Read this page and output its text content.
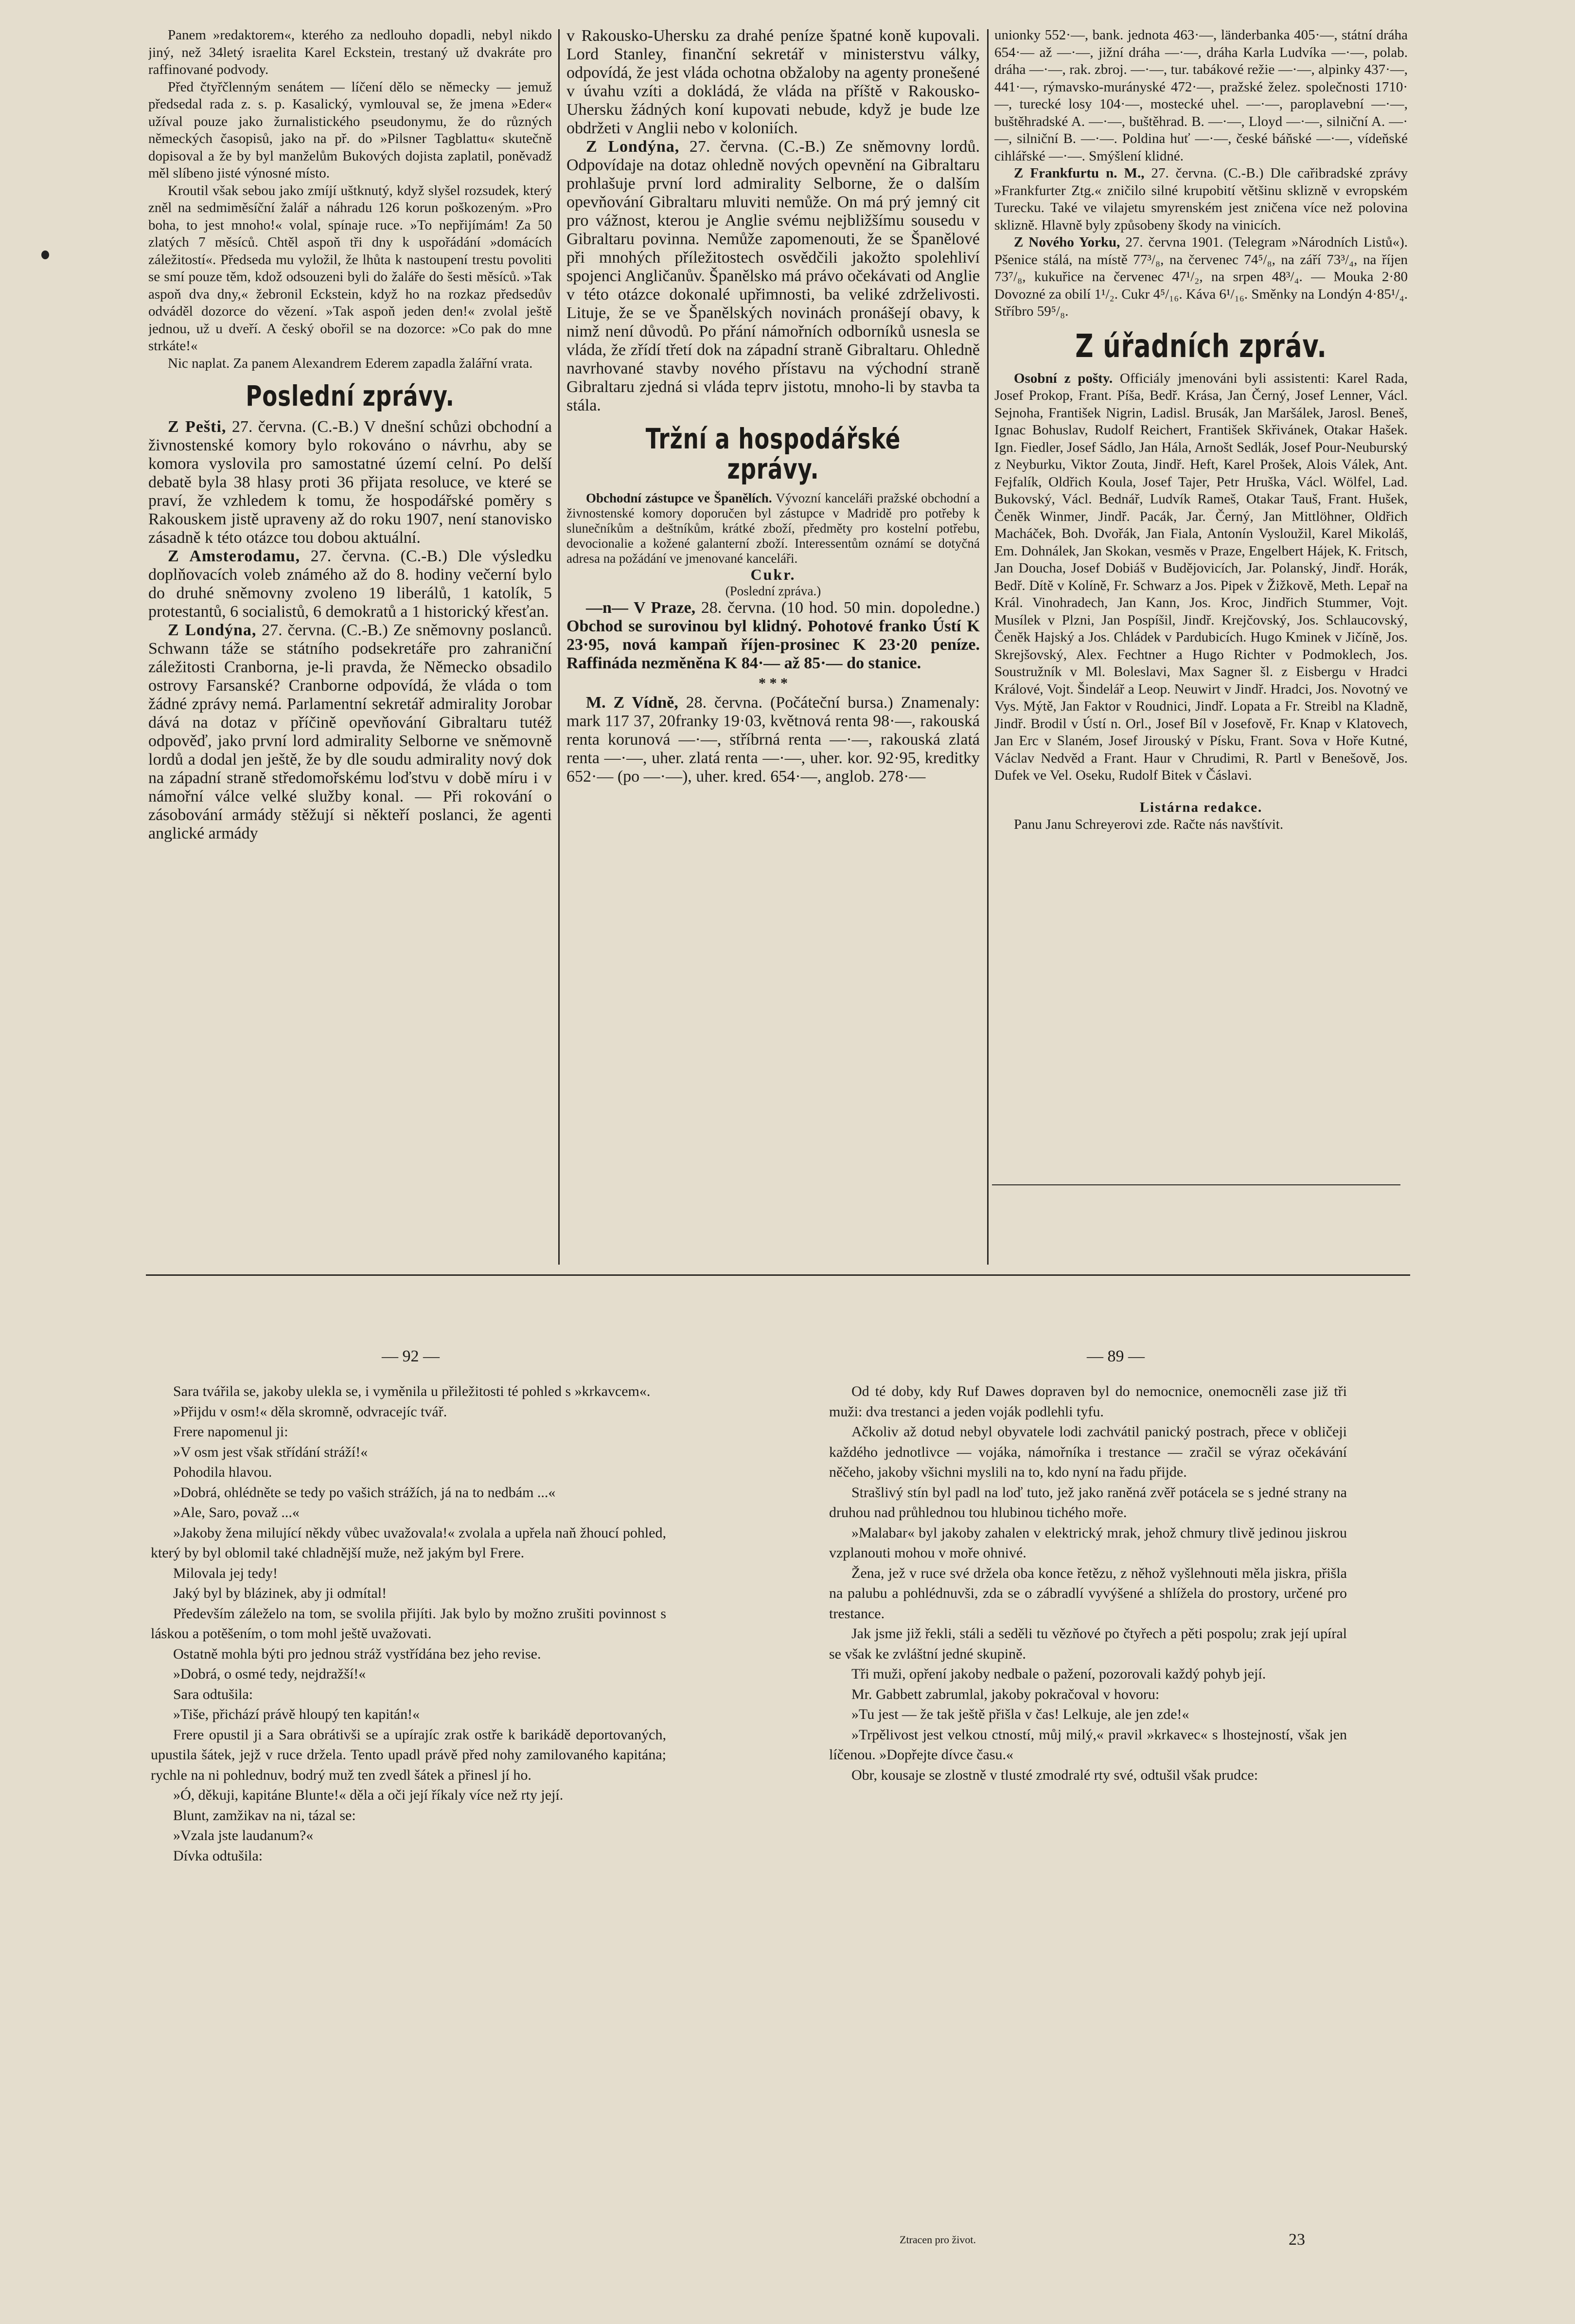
Panem »redaktorem«, kterého za nedlouho dopadli, nebyl nikdo jiný, než 34letý israelita Karel Eckstein, trestaný už dvakráte pro raffinované podvody.

Před čtyřčlenným senátem — líčení dělo se německy — jemuž předsedal rada z. s. p. Kasalický, vymlouval se, že jmena »Eder« užíval pouze jako žurnalistického pseudonymu, že do různých německých časopisů, jako na př. do »Pilsner Tagblattu« skutečně dopisoval a že by byl manželům Bukových dojista zaplatil, poněvadž měl slíbeno jisté výnosné místo.

Kroutil však sebou jako zmíjí uštknutý, když slyšel rozsudek, který zněl na sedmiměsíční žalář a náhradu 126 korun poškozeným. »Pro boha, to jest mnoho!« volal, spínaje ruce. »To nepřijímám! Za 50 zlatých 7 měsíců. Chtěl aspoň tři dny k uspořádání »domácích záležitostí«. Předseda mu vyložil, že lhůta k nastoupení trestu povoliti se smí pouze těm, kdož odsouzeni byli do žaláře do šesti měsíců. »Tak aspoň dva dny,« žebronil Eckstein, když ho na rozkaz předsedův odváděl dozorce do vězení. »Tak aspoň jeden den!« zvolal ještě jednou, už u dveří. A český obořil se na dozorce: »Co pak do mne strkáte!«

Nic naplat. Za panem Alexandrem Ederem zapadla žalářní vrata.

Poslední zprávy.

Z Pešti, 27. června. (C.-B.) V dnešní schůzi obchodní a živnostenské komory bylo rokováno o návrhu, aby se komora vyslovila pro samostatné území celní. Po delší debatě byla 38 hlasy proti 36 přijata resoluce, ve které se praví, že vzhledem k tomu, že hospodářské poměry s Rakouskem jistě upraveny až do roku 1907, není stanovisko zásadně k této otázce tou dobou aktuální.

Z Amsterodamu, 27. června. (C.-B.) Dle výsledku doplňovacích voleb známého až do 8. hodiny večerní bylo do druhé sněmovny zvoleno 19 liberálů, 1 katolík, 5 protestantů, 6 socialistů, 6 demokratů a 1 historický křesťan.

Z Londýna, 27. června. (C.-B.) Ze sněmovny poslanců. Schwann táže se státního podsekretáře pro zahraniční záležitosti Cranborna, je-li pravda, že Německo obsadilo ostrovy Farsanské? Cranborne odpovídá, že vláda o tom žádné zprávy nemá. Parlamentní sekretář admirality Jorobar dává na dotaz v příčině opevňování Gibraltaru tutéž odpověď, jako první lord admirality Selborne ve sněmovně lordů a dodal jen ještě, že by dle soudu admirality nový dok na západní straně středomořskému loďstvu v době míru i v námořní válce velké služby konal. — Při rokování o zásobování armády stěžují si někteří poslanci, že agenti anglické armády

v Rakousko-Uhersku za drahé peníze špatné koně kupovali. Lord Stanley, finanční sekretář v ministerstvu války, odpovídá, že jest vláda ochotna obžaloby na agenty pronešené v úvahu vzíti a dokládá, že vláda na příště v Rakousko-Uhersku žádných koní kupovati nebude, když je bude lze obdržeti v Anglii nebo v koloniích.

Z Londýna, 27. června. (C.-B.) Ze sněmovny lordů. Odpovídaje na dotaz ohledně nových opevnění na Gibraltaru prohlašuje první lord admirality Selborne, že o dalším opevňování Gibraltaru mluviti nemůže. On má prý jemný cit pro vážnost, kterou je Anglie svému nejbližšímu sousedu v Gibraltaru povinna. Nemůže zapomenouti, že se Španělové při mnohých příležitostech osvědčili jakožto spolehliví spojenci Angličanův. Španělsko má právo očekávati od Anglie v této otázce dokonalé upřimnosti, ba veliké zdrželivosti. Lituje, že se ve Španělských novinách pronášejí obavy, k nimž není důvodů. Po přání námořních odborníků usnesla se vláda, že zřídí třetí dok na západní straně Gibraltaru. Ohledně navrhované stavby nového přístavu na východní straně Gibraltaru zjedná si vláda teprv jistotu, mnoho-li by stavba ta stála.

Tržní a hospodářské zprávy.

Obchodní zástupce ve Španělích. Vývozní kanceláři pražské obchodní a živnostenské komory doporučen byl zástupce v Madridě pro potřeby k slunečníkům a deštníkům, krátké zboží, předměty pro kostelní potřebu, devocionalie a kožené galanterní zboží. Interessentům oznámí se dotyčná adresa na požádání ve jmenované kanceláři.

Cukr.

(Poslední zpráva.)

—n— V Praze, 28. června. (10 hod. 50 min. dopoledne.) Obchod se surovinou byl klidný. Pohotové franko Ústí K 23·95, nová kampaň říjen-prosinec K 23·20 peníze. Raffináda nezměněna K 84·— až 85·— do stanice.

* * *

M. Z Vídně, 28. června. (Počáteční bursa.) Znamenaly: mark 117 37, 20franky 19·03, květnová renta 98·—, rakouská renta korunová —·—, stříbrná renta —·—, rakouská zlatá renta —·—, uher. zlatá renta —·—, uher. kor. 92·95, kreditky 652·— (po —·—), uher. kred. 654·—, anglob. 278·—

unionky 552·—, bank. jednota 463·—, länderbanka 405·—, státní dráha 654·— až —·—, jižní dráha —·—, dráha Karla Ludvíka —·—, polab. dráha —·—, rak. zbroj. —·—, tur. tabákové režie —·—, alpinky 437·—, 441·—, rýmavsko-murányské 472·—, pražské želez. společnosti 1710·—, turecké losy 104·—, mostecké uhel. —·—, paroplavební —·—, buštěhradské A. —·—, buštěhrad. B. —·—, Lloyd —·—, silniční A. —·—, silniční B. —·—. Poldina huť —·—, české báňské —·—, vídeňské cihlářské —·—. Smýšlení klidné.

Z Frankfurtu n. M., 27. června. (C.-B.) Dle cařibradské zprávy »Frankfurter Ztg.« zničilo silné krupobití většinu sklizně v evropském Turecku. Také ve vilajetu smyrenském jest zničena více než polovina sklizně. Hlavně byly způsobeny škody na vinicích.

Z Nového Yorku, 27. června 1901. (Telegram »Národních Listů«). Pšenice stálá, na místě 77³/₈, na červenec 74⁵/₈, na září 73³/₄, na říjen 73⁷/₈, kukuřice na červenec 47¹/₂, na srpen 48³/₄. — Mouka 2·80 Dovozné za obilí 1¹/₂. Cukr 4⁵/₁₆. Káva 6¹/₁₆. Směnky na Londýn 4·85¹/₄. Stříbro 59⁵/₈.

Z úřadních zpráv.

Osobní z pošty. Officiály jmenováni byli assistenti: Karel Rada, Josef Prokop, Frant. Píša, Bedř. Krása, Jan Černý, Josef Lenner, Václ. Sejnoha, František Nigrin, Ladisl. Brusák, Jan Maršálek, Jarosl. Beneš, Ignac Bohuslav, Rudolf Reichert, František Skřivánek, Otakar Hašek. Ign. Fiedler, Josef Sádlo, Jan Hála, Arnošt Sedlák, Josef Pour-Neuburský z Neyburku, Viktor Zouta, Jindř. Heft, Karel Prošek, Alois Válek, Ant. Fejfalík, Oldřich Koula, Josef Tajer, Petr Hruška, Václ. Wölfel, Lad. Bukovský, Václ. Bednář, Ludvík Rameš, Otakar Tauš, Frant. Hušek, Čeněk Winmer, Jindř. Pacák, Jar. Černý, Jan Mittlöhner, Oldřich Macháček, Boh. Dvořák, Jan Fiala, Antonín Vysloužil, Karel Mikoláš, Em. Dohnálek, Jan Skokan, vesměs v Praze, Engelbert Hájek, K. Fritsch, Jan Doucha, Josef Dobiáš v Budějovicích, Jar. Polanský, Jindř. Horák, Bedř. Dítě v Kolíně, Fr. Schwarz a Jos. Pipek v Žižkově, Meth. Lepař na Král. Vinohradech, Jan Kann, Jos. Kroc, Jindřich Stummer, Vojt. Musílek v Plzni, Jan Pospíšil, Jindř. Krejčovský, Jos. Schlaucovský, Čeněk Hajský a Jos. Chládek v Pardubicích. Hugo Kminek v Jičíně, Jos. Skrejšovský, Alex. Fechtner a Hugo Richter v Podmoklech, Jos. Soustružník v Ml. Boleslavi, Max Sagner šl. z Eisbergu v Hradci Králové, Vojt. Šindelář a Leop. Neuwirt v Jindř. Hradci, Jos. Novotný ve Vys. Mýtě, Jan Faktor v Roudnici, Jindř. Lopata a Fr. Streibl na Kladně, Jindř. Brodil v Ústí n. Orl., Josef Bíl v Josefově, Fr. Knap v Klatovech, Jan Erc v Slaném, Josef Jirouský v Písku, Frant. Sova v Hoře Kutné, Václav Nedvěd a Frant. Haur v Chrudimi, R. Partl v Benešově, Jos. Dufek ve Vel. Oseku, Rudolf Bitek v Čáslavi.

Listárna redakce.

Panu Janu Schreyerovi zde. Račte nás navštívit.

— 92 —	— 89 —

Sara tvářila se, jakoby ulekla se, i vyměnila u přiležitosti té pohled s »krkavcem«.

»Přijdu v osm!« děla skromně, odvracejíc tvář.

Frere napomenul ji:

»V osm jest však střídání stráží!«

Pohodila hlavou.

»Dobrá, ohlédněte se tedy po vašich strážích, já na to nedbám ...«

»Ale, Saro, považ ...«

»Jakoby žena milující někdy vůbec uvažovala!« zvolala a upřela naň žhoucí pohled, který by byl oblomil také chladnější muže, než jakým byl Frere.

Milovala jej tedy!

Jaký byl by blázinek, aby ji odmítal!

Především záleželo na tom, se svolila přijíti. Jak bylo by možno zrušiti povinnost s láskou a potěšením, o tom mohl ještě uvažovati.

Ostatně mohla býti pro jednou stráž vystřídána bez jeho revise.

»Dobrá, o osmé tedy, nejdražší!«

Sara odtušila:

»Tiše, přichází právě hloupý ten kapitán!«

Frere opustil ji a Sara obrátivši se a upírajíc zrak ostře k barikádě deportovaných, upustila šátek, jejž v ruce držela. Tento upadl právě před nohy zamilovaného kapitána; rychle na ni pohlednuv, bodrý muž ten zvedl šátek a přinesl jí ho.

»Ó, děkuji, kapitáne Blunte!« děla a oči její říkaly více než rty její.

Blunt, zamžikav na ni, tázal se:

»Vzala jste laudanum?«

Dívka odtušila:

Od té doby, kdy Ruf Dawes dopraven byl do nemocnice, onemocněli zase již tři muži: dva trestanci a jeden voják podlehli tyfu.

Ačkoliv až dotud nebyl obyvatele lodi zachvátil panický postrach, přece v obličeji každého jednotlivce — vojáka, námořníka i trestance — zračil se výraz očekávání něčeho, jakoby všichni myslili na to, kdo nyní na řadu přijde.

Strašlivý stín byl padl na loď tuto, jež jako raněná zvěř potácela se s jedné strany na druhou nad průhlednou tou hlubinou tichého moře.

»Malabar« byl jakoby zahalen v elektrický mrak, jehož chmury tlivě jedinou jiskrou vzplanouti mohou v moře ohnivé.

Žena, jež v ruce své držela oba konce řetězu, z něhož vyšlehnouti měla jiskra, přišla na palubu a pohlédnuvši, zda se o zábradlí vyvýšené a shlížela do prostory, určené pro trestance.

Jak jsme již řekli, stáli a seděli tu vězňové po čtyřech a pěti pospolu; zrak její upíral se však ke zvláštní jedné skupině.

Tři muži, opření jakoby nedbale o pažení, pozorovali každý pohyb její.

Mr. Gabbett zabrumlal, jakoby pokračoval v hovoru:

»Tu jest — že tak ještě přišla v čas! Lelkuje, ale jen zde!«

»Trpělivost jest velkou ctností, můj milý,« pravil »krkavec« s lhostejností, však jen líčenou. »Dopřejte dívce času.«

Obr, kousaje se zlostně v tlusté zmodralé rty své, odtušil však prudce:

Ztracen pro život.	23
